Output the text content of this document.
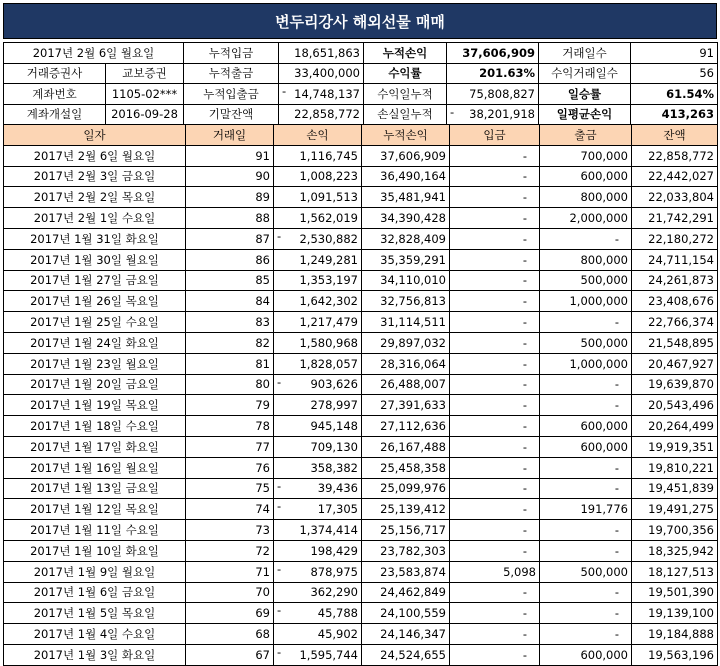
변두리강사 해외선물 매매
2017년 2월 6일 월요일		누적입금	18,651,863	누적손익	37,606,909	거래일수	91
거래증권사	교보증권	누적출금	33,400,000	수익률	201.63%	수익거래일수	56
계좌번호	1105-02***	누적입출금	- 14,748,137	수익일누적	75,808,827	일승률	61.54%
계좌개설일	2016-09-28	기말잔액	22,858,772	손실일누적	- 38,201,918	일평균손익	413,263
일자	거래일	손익	누적손익	입금	출금	잔액
2017년 2월 6일 월요일	91	1,116,745	37,606,909	-	700,000	22,858,772
2017년 2월 3일 금요일	90	1,008,223	36,490,164	-	600,000	22,442,027
2017년 2월 2일 목요일	89	1,091,513	35,481,941	-	800,000	22,033,804
2017년 2월 1일 수요일	88	1,562,019	34,390,428	-	2,000,000	21,742,291
2017년 1월 31일 화요일	87	- 2,530,882	32,828,409	-	-	22,180,272
2017년 1월 30일 월요일	86	1,249,281	35,359,291	-	800,000	24,711,154
2017년 1월 27일 금요일	85	1,353,197	34,110,010	-	500,000	24,261,873
2017년 1월 26일 목요일	84	1,642,302	32,756,813	-	1,000,000	23,408,676
2017년 1월 25일 수요일	83	1,217,479	31,114,511	-	-	22,766,374
2017년 1월 24일 화요일	82	1,580,968	29,897,032	-	500,000	21,548,895
2017년 1월 23일 월요일	81	1,828,057	28,316,064	-	1,000,000	20,467,927
2017년 1월 20일 금요일	80	- 903,626	26,488,007	-	-	19,639,870
2017년 1월 19일 목요일	79	278,997	27,391,633	-	-	20,543,496
2017년 1월 18일 수요일	78	945,148	27,112,636	-	600,000	20,264,499
2017년 1월 17일 화요일	77	709,130	26,167,488	-	600,000	19,919,351
2017년 1월 16일 월요일	76	358,382	25,458,358	-	-	19,810,221
2017년 1월 13일 금요일	75	- 39,436	25,099,976	-	-	19,451,839
2017년 1월 12일 목요일	74	- 17,305	25,139,412	-	191,776	19,491,275
2017년 1월 11일 수요일	73	1,374,414	25,156,717	-	-	19,700,356
2017년 1월 10일 화요일	72	198,429	23,782,303	-	-	18,325,942
2017년 1월 9일 월요일	71	- 878,975	23,583,874	5,098	500,000	18,127,513
2017년 1월 6일 금요일	70	362,290	24,462,849	-	-	19,501,390
2017년 1월 5일 목요일	69	- 45,788	24,100,559	-	-	19,139,100
2017년 1월 4일 수요일	68	45,902	24,146,347	-	-	19,184,888
2017년 1월 3일 화요일	67	- 1,595,744	24,524,655	-	600,000	19,563,196
